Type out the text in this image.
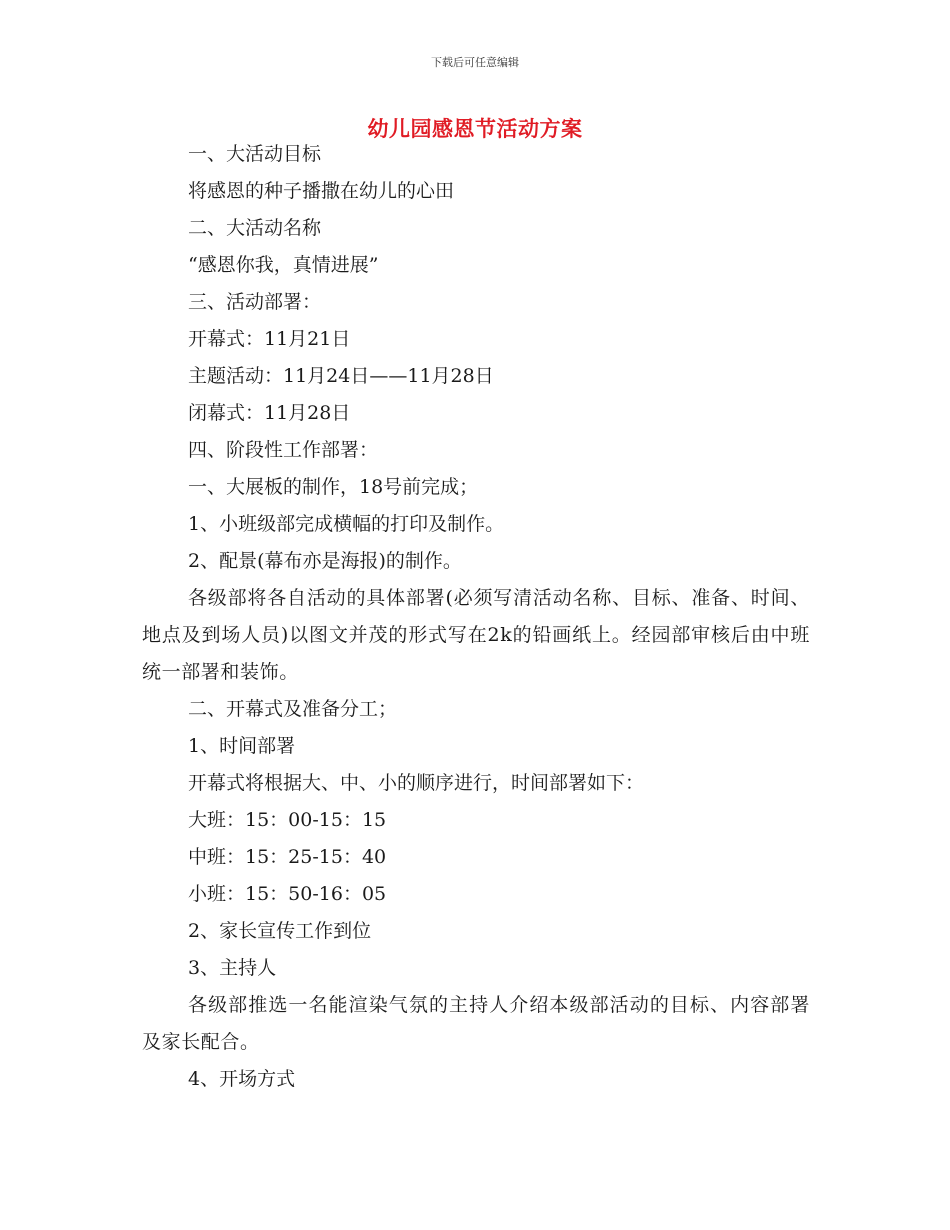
下载后可任意编辑
幼儿园感恩节活动方案
一、大活动目标
将感恩的种子播撒在幼儿的心田
二、大活动名称
“感恩你我，真情进展”
三、活动部署：
开幕式：11月21日
主题活动：11月24日——11月28日
闭幕式：11月28日
四、阶段性工作部署：
一、大展板的制作，18号前完成；
1、小班级部完成横幅的打印及制作。
2、配景(幕布亦是海报)的制作。
各级部将各自活动的具体部署(必须写清活动名称、目标、准备、时间、地点及到场人员)以图文并茂的形式写在2k的铅画纸上。经园部审核后由中班统一部署和装饰。
二、开幕式及准备分工；
1、时间部署
开幕式将根据大、中、小的顺序进行，时间部署如下：
大班：15：00-15：15
中班：15：25-15：40
小班：15：50-16：05
2、家长宣传工作到位
3、主持人
各级部推选一名能渲染气氛的主持人介绍本级部活动的目标、内容部署及家长配合。
4、开场方式
